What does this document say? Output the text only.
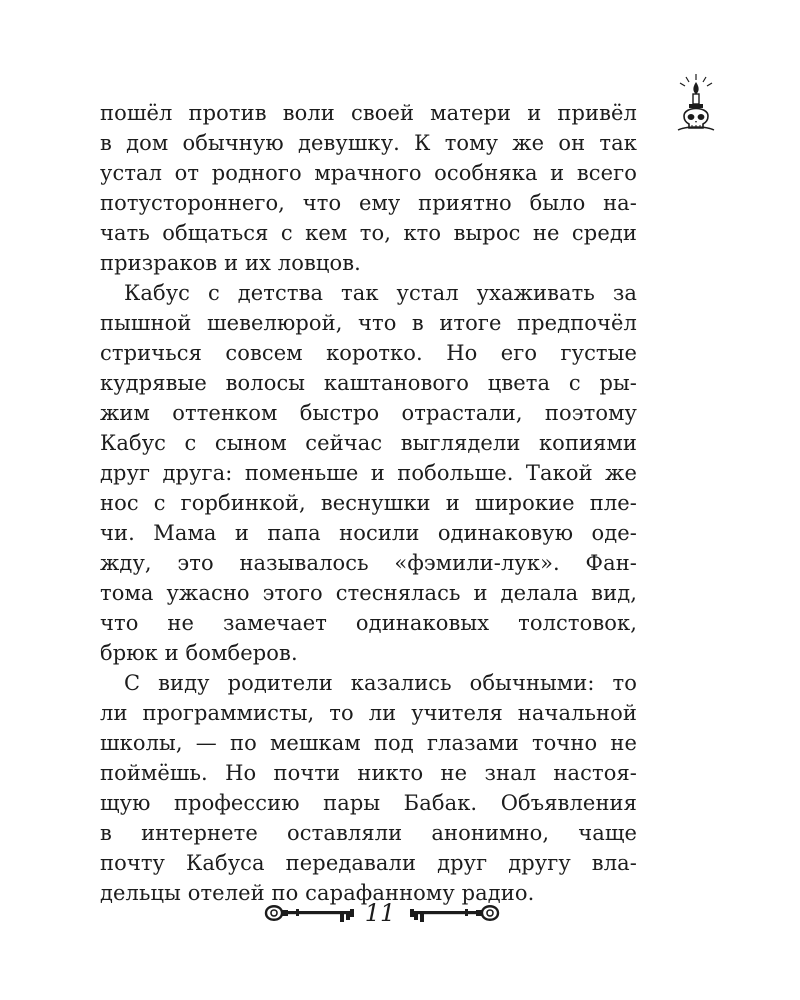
пошёл против воли своей матери и привёл
в дом обычную девушку. К тому же он так
устал от родного мрачного особняка и всего
потустороннего, что ему приятно было на-
чать общаться с кем то, кто вырос не среди
призраков и их ловцов.
Кабус с детства так устал ухаживать за
пышной шевелюрой, что в итоге предпочёл
стричься совсем коротко. Но его густые
кудрявые волосы каштанового цвета с ры-
жим оттенком быстро отрастали, поэтому
Кабус с сыном сейчас выглядели копиями
друг друга: поменьше и побольше. Такой же
нос с горбинкой, веснушки и широкие пле-
чи. Мама и папа носили одинаковую оде-
жду, это называлось «фэмили-лук». Фан-
тома ужасно этого стеснялась и делала вид,
что не замечает одинаковых толстовок,
брюк и бомберов.
С виду родители казались обычными: то
ли программисты, то ли учителя начальной
школы, — по мешкам под глазами точно не
поймёшь. Но почти никто не знал настоя-
щую профессию пары Бабак. Объявления
в интернете оставляли анонимно, чаще
почту Кабуса передавали друг другу вла-
дельцы отелей по сарафанному радио.
11
